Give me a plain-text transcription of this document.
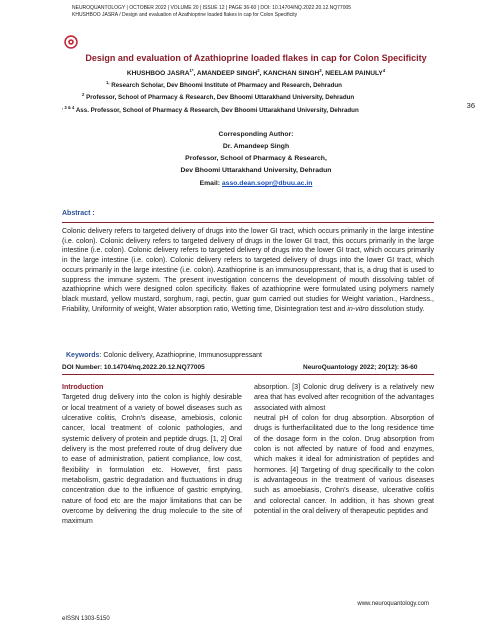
NEUROQUANTOLOGY | OCTOBER 2022 | VOLUME 20 | ISSUE 12 | PAGE 36-60 | DOI: 10.14704/NQ.2022.20.12.NQ77005
KHUSHBOO JASRA / Design and evaluation of Azathioprine loaded flakes in cap for Colon Specificity
Design and evaluation of Azathioprine loaded flakes in cap for Colon Specificity
KHUSHBOO $JASRA^{1*}$, AMANDEEP SINGH$^2$, KANCHAN SINGH$^3$, NEELAM PAINULY$^4$
$^{1,}$ Research Scholar, Dev Bhoomi Institute of Pharmacy and Research, Dehradun
$^2$ Professor, School of Pharmacy & Research, Dev Bhoomi Uttarakhand University, Dehradun
$^{, 3 \& 4}$ Ass. Professor, School of Pharmacy & Research, Dev Bhoomi Uttarakhand University, Dehradun
36
Corresponding Author:
Dr. Amandeep Singh
Professor, School of Pharmacy & Research,
Dev Bhoomi Uttarakhand University, Dehradun
Email: asso.dean.sopr@dbuu.ac.in
Abstract :
Colonic delivery refers to targeted delivery of drugs into the lower GI tract, which occurs primarily in the large intestine (i.e. colon). Colonic delivery refers to targeted delivery of drugs in the lower GI tract, this occurs primarily in the large intestine (i.e. colon). Colonic delivery refers to targeted delivery of drugs into the lower GI tract, which occurs primarily in the large intestine (i.e. colon). Colonic delivery refers to targeted delivery of drugs into the lower GI tract, which occurs primarily in the large intestine (i.e. colon). Azathioprine is an immunosuppressant, that is, a drug that is used to suppress the immune system. The present investigation concerns the development of mouth dissolving tablet of azathioprine which were designed colon specificity. flakes of azathioprine were formulated using polymers namely black mustard, yellow mustard, sorghum, ragi, pectin, guar gum carried out studies for Weight variation., Hardness., Friability, Uniformity of weight, Water absorption ratio, Wetting time, Disintegration test and in-vitro dissolution study.
Keywords: Colonic delivery, Azathioprine, Immunosuppressant
DOI Number: 10.14704/nq.2022.20.12.NQ77005	NeuroQuantology 2022; 20(12): 36-60
Introduction
Targeted drug delivery into the colon is highly desirable or local treatment of a variety of bowel diseases such as ulcerative colitis, Crohn's disease, amebiosis, colonic cancer, local treatment of colonic pathologies, and systemic delivery of protein and peptide drugs. [1, 2] Oral delivery is the most preferred route of drug delivery due to ease of administration, patient compliance, low cost, flexibility in formulation etc. However, first pass metabolism, gastric degradation and fluctuations in drug concentration due to the influence of gastric emptying, nature of food etc are the major limitations that can be overcome by delivering the drug molecule to the site of maximum
absorption. [3] Colonic drug delivery is a relatively new area that has evolved after recognition of the advantages associated with almost
neutral pH of colon for drug absorption. Absorption of drugs is furtherfacilitated due to the long residence time of the dosage form in the colon. Drug absorption from colon is not affected by nature of food and enzymes, which makes it ideal for administration of peptides and hormones. [4] Targeting of drug specifically to the colon is advantageous in the treatment of various diseases such as amoebiasis, Crohn's disease, ulcerative colitis and colorectal cancer. In addition, it has shown great potential in the oral delivery of therapeutic peptides and
www.neuroquantology.com
eISSN 1303-5150
